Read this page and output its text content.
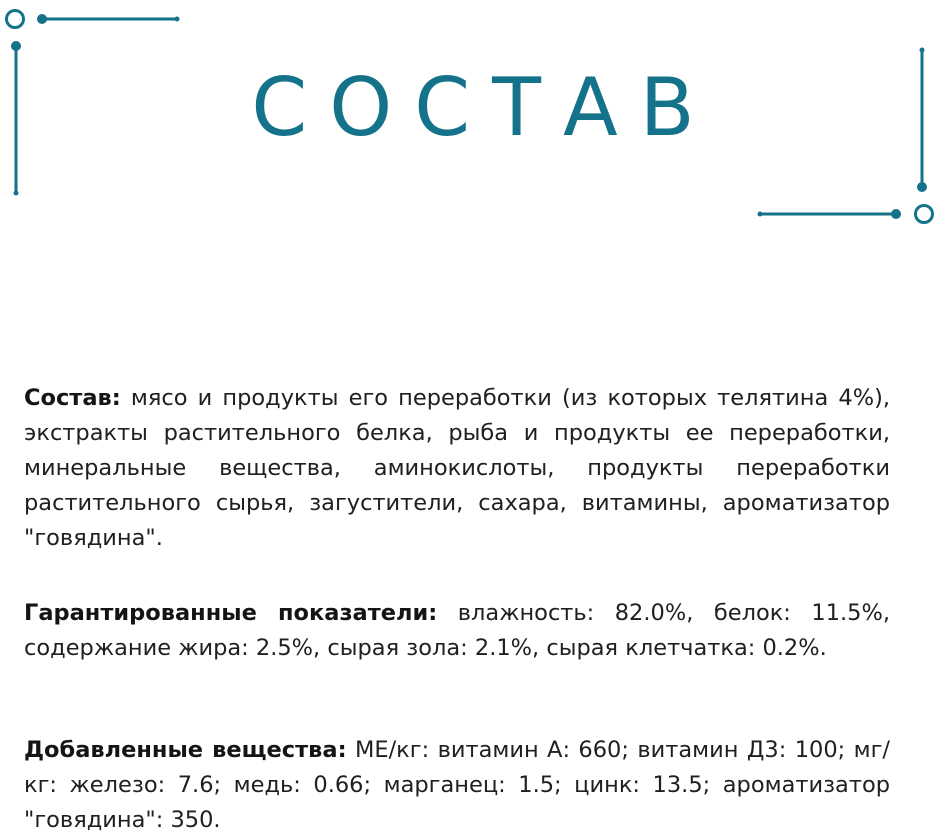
СОСТАВ

Состав: мясо и продукты его переработки (из которых телятина 4%), экстракты растительного белка, рыба и продукты ее переработки, минеральные вещества, аминокислоты, продукты переработки растительного сырья, загустители, сахара, витамины, ароматизатор "говядина".

Гарантированные показатели: влажность: 82.0%, белок: 11.5%, содержание жира: 2.5%, сырая зола: 2.1%, сырая клетчатка: 0.2%.

Добавленные вещества: МЕ/кг: витамин А: 660; витамин Д3: 100; мг/кг: железо: 7.6; медь: 0.66; марганец: 1.5; цинк: 13.5; ароматизатор "говядина": 350.
